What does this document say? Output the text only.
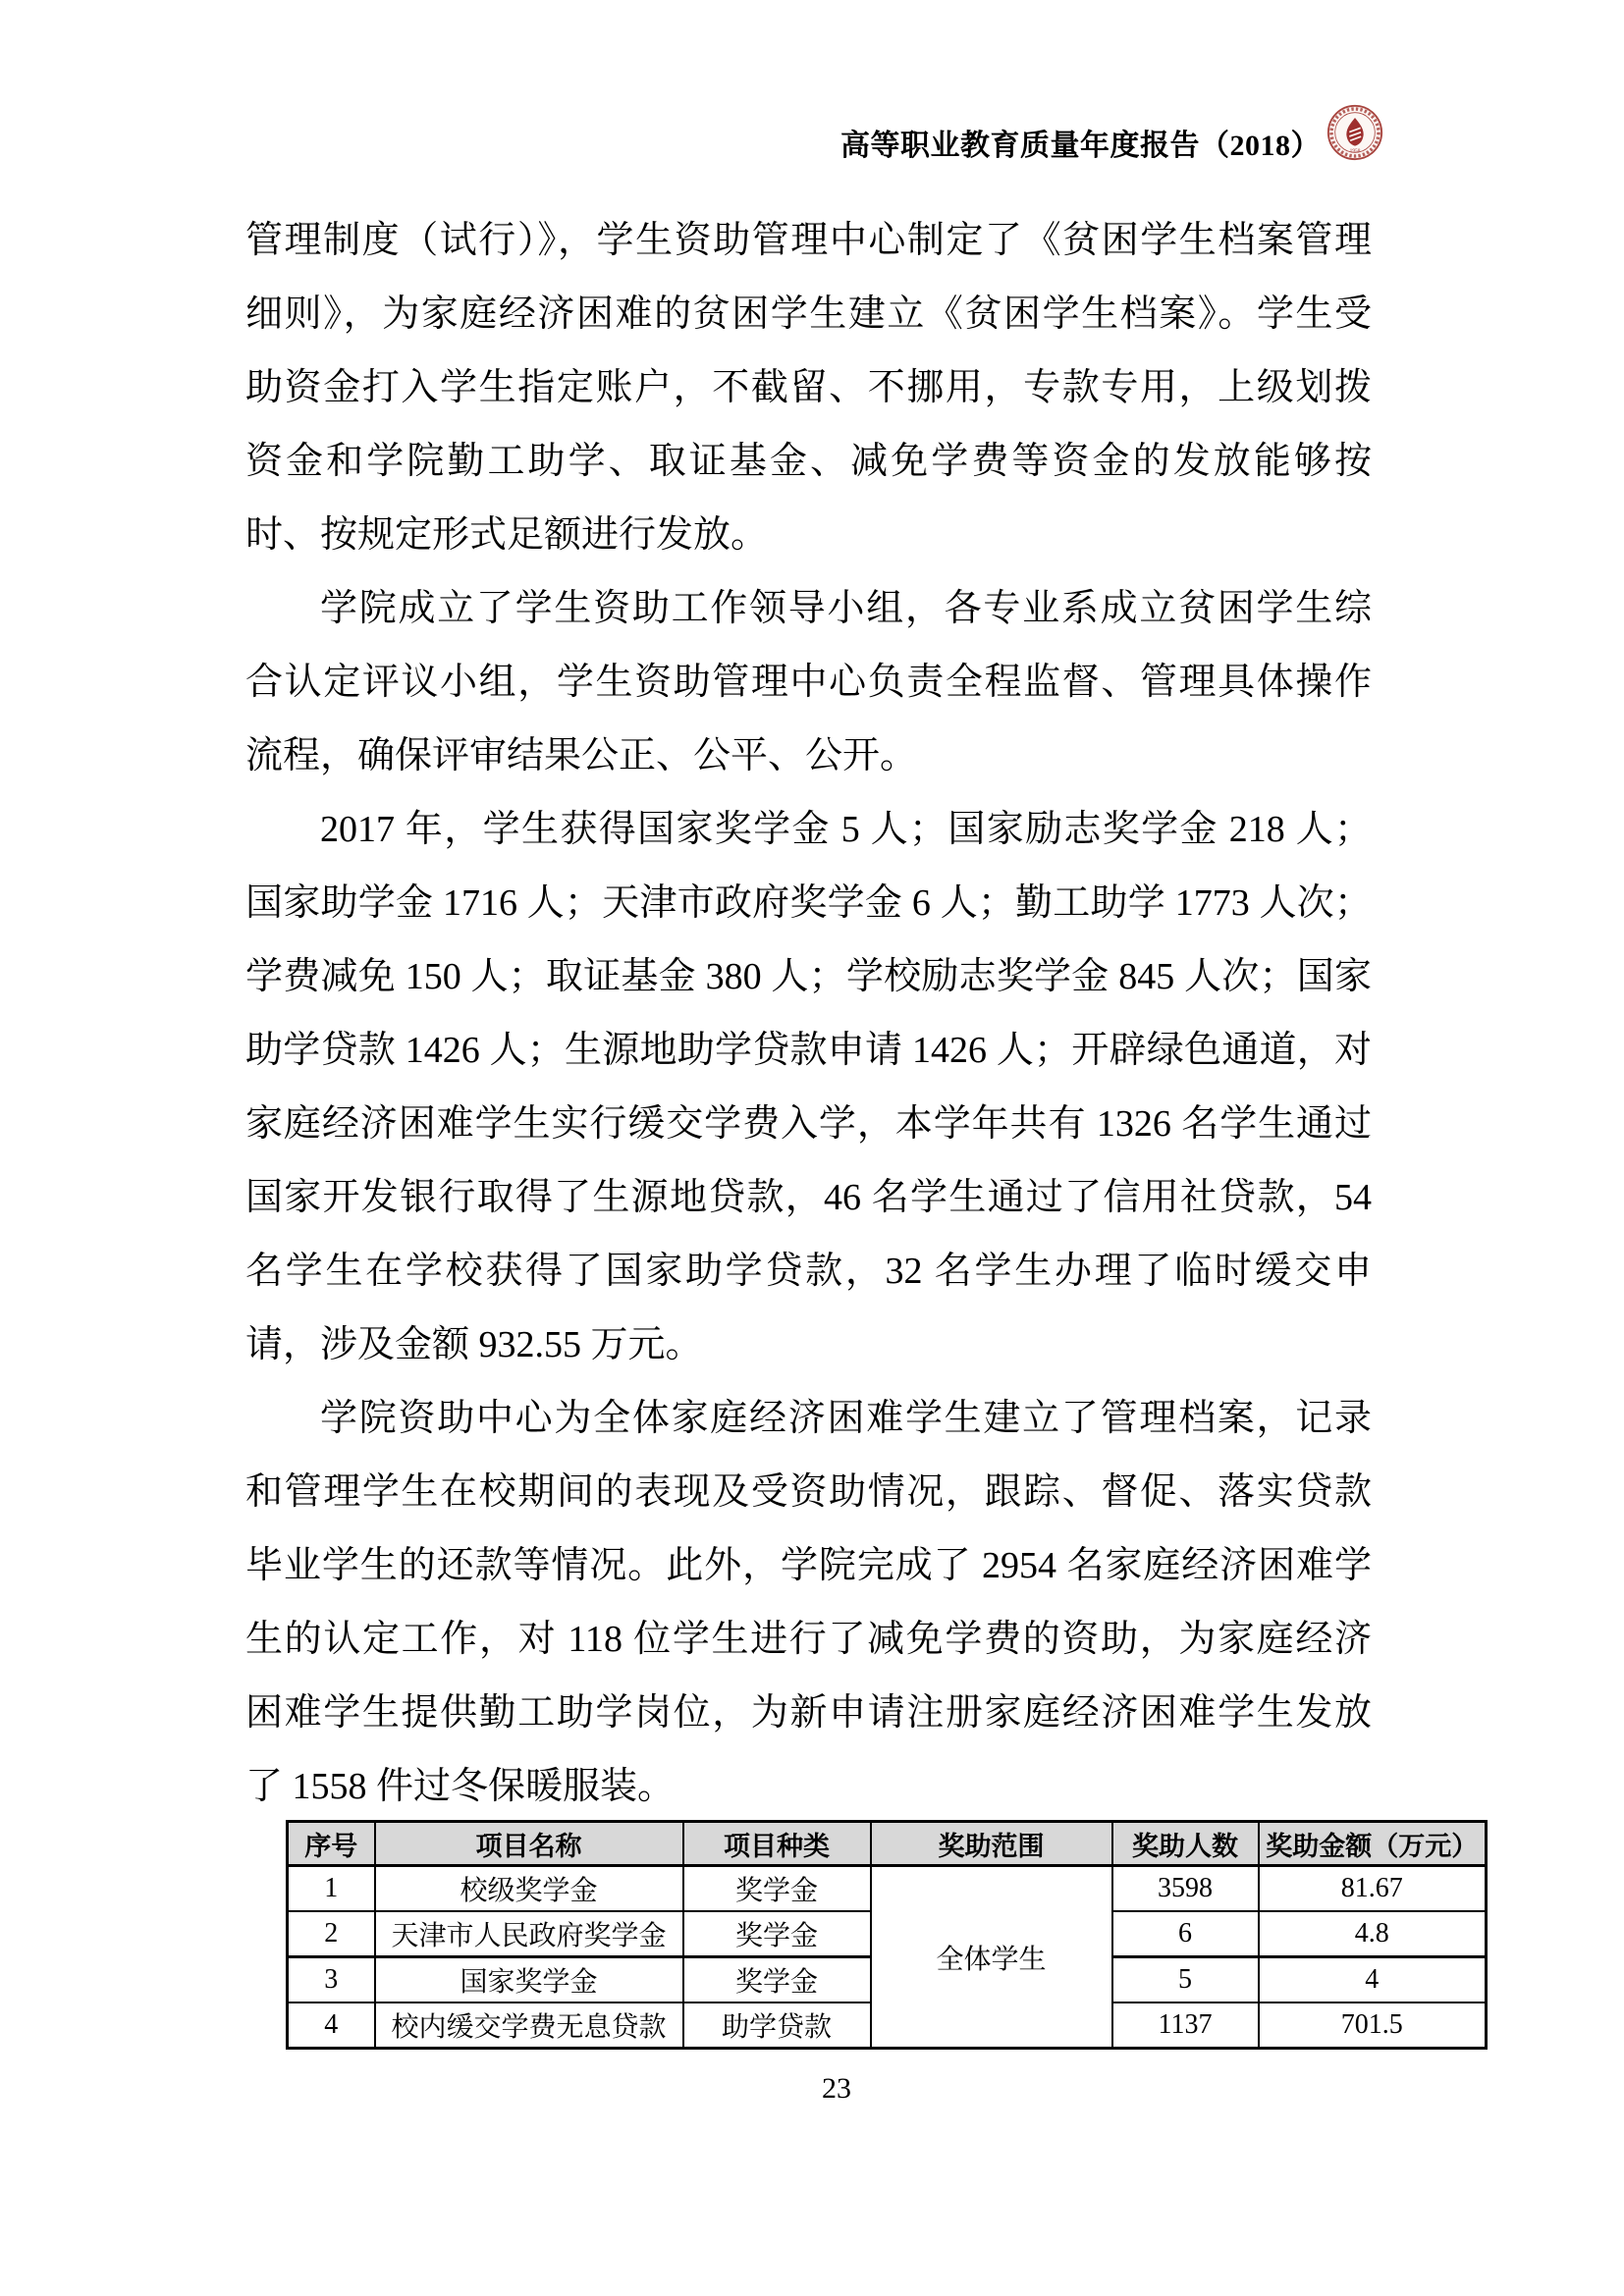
高等职业教育质量年度报告（2018）	1958
管理制度（试行）》，学生资助管理中心制定了《贫困学生档案管理
细则》，为家庭经济困难的贫困学生建立《贫困学生档案》。学生受
助资金打入学生指定账户，不截留、不挪用，专款专用，上级划拨
资金和学院勤工助学、取证基金、减免学费等资金的发放能够按
时、按规定形式足额进行发放。
学院成立了学生资助工作领导小组，各专业系成立贫困学生综
合认定评议小组，学生资助管理中心负责全程监督、管理具体操作
流程，确保评审结果公正、公平、公开。
2017 年，学生获得国家奖学金 5 人；国家励志奖学金 218 人；
国家助学金 1716 人；天津市政府奖学金 6 人；勤工助学 1773 人次；
学费减免 150 人；取证基金 380 人；学校励志奖学金 845 人次；国家
助学贷款 1426 人；生源地助学贷款申请 1426 人；开辟绿色通道，对
家庭经济困难学生实行缓交学费入学，本学年共有 1326 名学生通过
国家开发银行取得了生源地贷款，46 名学生通过了信用社贷款，54
名学生在学校获得了国家助学贷款，32 名学生办理了临时缓交申
请，涉及金额 932.55 万元。
学院资助中心为全体家庭经济困难学生建立了管理档案，记录
和管理学生在校期间的表现及受资助情况，跟踪、督促、落实贷款
毕业学生的还款等情况。此外，学院完成了 2954 名家庭经济困难学
生的认定工作，对 118 位学生进行了减免学费的资助，为家庭经济
困难学生提供勤工助学岗位，为新申请注册家庭经济困难学生发放
了 1558 件过冬保暖服装。
序号	项目名称	项目种类	奖助范围	奖助人数	奖助金额（万元）
1	校级奖学金	奖学金	全体学生	3598	81.67
2	天津市人民政府奖学金	奖学金		6	4.8
3	国家奖学金	奖学金		5	4
4	校内缓交学费无息贷款	助学贷款		1137	701.5
23
